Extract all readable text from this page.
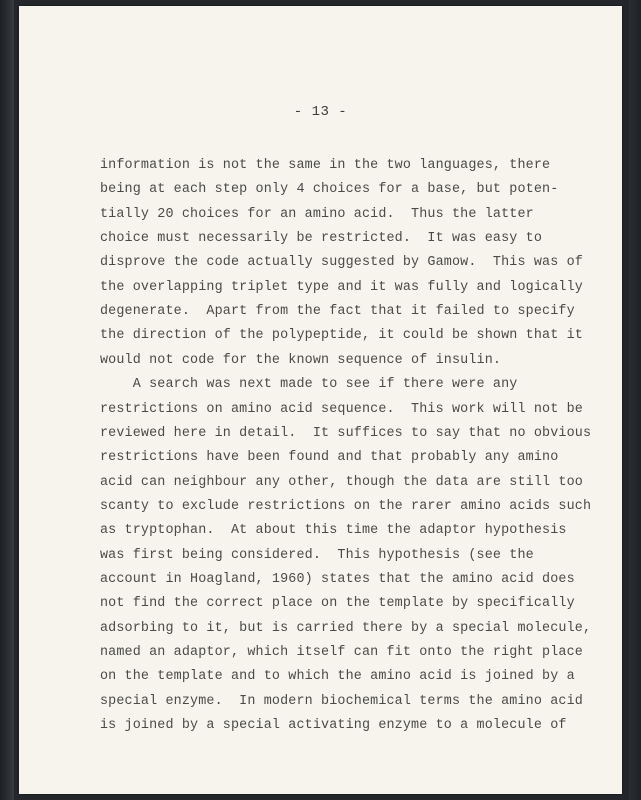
- 13 -
information is not the same in the two languages, there
being at each step only 4 choices for a base, but poten-
tially 20 choices for an amino acid.  Thus the latter
choice must necessarily be restricted.  It was easy to
disprove the code actually suggested by Gamow.  This was of
the overlapping triplet type and it was fully and logically
degenerate.  Apart from the fact that it failed to specify
the direction of the polypeptide, it could be shown that it
would not code for the known sequence of insulin.
A search was next made to see if there were any
restrictions on amino acid sequence.  This work will not be
reviewed here in detail.  It suffices to say that no obvious
restrictions have been found and that probably any amino
acid can neighbour any other, though the data are still too
scanty to exclude restrictions on the rarer amino acids such
as tryptophan.  At about this time the adaptor hypothesis
was first being considered.  This hypothesis (see the
account in Hoagland, 1960) states that the amino acid does
not find the correct place on the template by specifically
adsorbing to it, but is carried there by a special molecule,
named an adaptor, which itself can fit onto the right place
on the template and to which the amino acid is joined by a
special enzyme.  In modern biochemical terms the amino acid
is joined by a special activating enzyme to a molecule of
